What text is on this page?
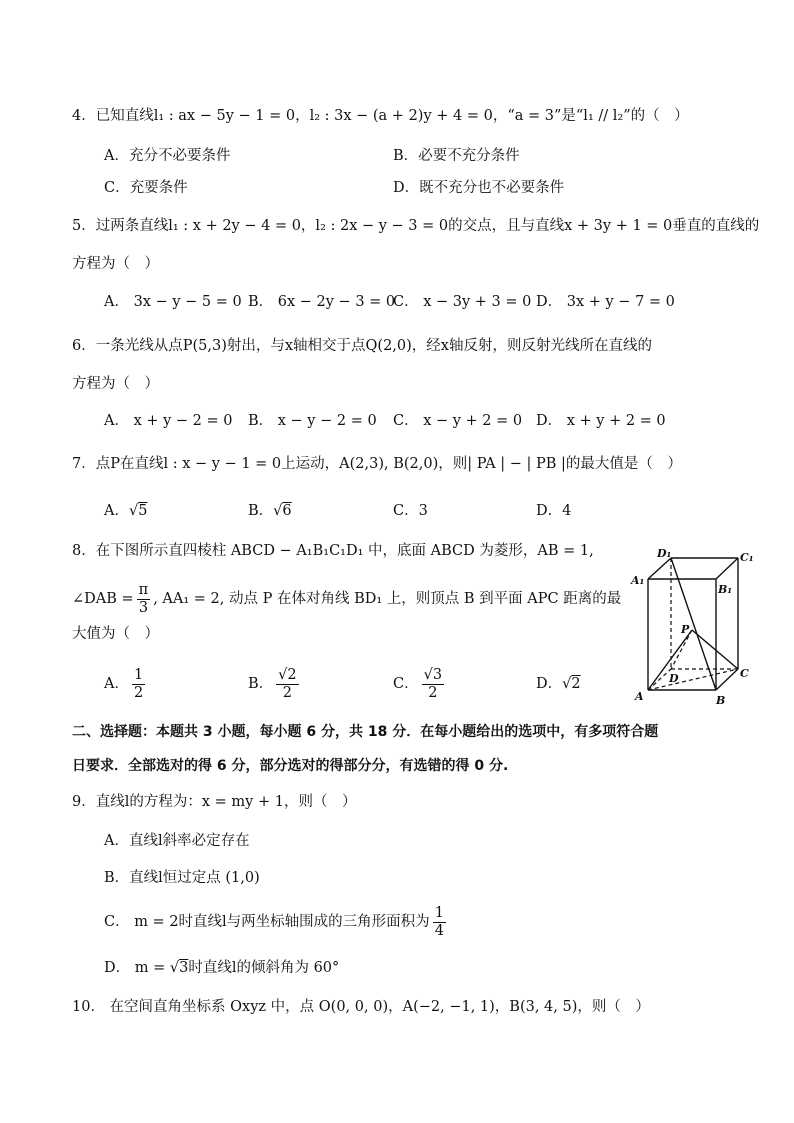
4．已知直线l₁ : ax − 5y − 1 = 0，l₂ : 3x − (a + 2)y + 4 = 0，“a = 3”是“l₁ // l₂”的（　）
A．充分不必要条件	B．必要不充分条件
C．充要条件	D．既不充分也不必要条件
5．过两条直线l₁ : x + 2y − 4 = 0，l₂ : 2x − y − 3 = 0的交点，且与直线x + 3y + 1 = 0垂直的直线的
方程为（　）
A． 3x − y − 5 = 0 B． 6x − 2y − 3 = 0
C． x − 3y + 3 = 0 D． 3x + y − 7 = 0
6．一条光线从点P(5,3)射出，与x轴相交于点Q(2,0)，经x轴反射，则反射光线所在直线的
方程为（　）
A． x + y − 2 = 0 B． x − y − 2 = 0 C． x − y + 2 = 0 D． x + y + 2 = 0
7．点P在直线l : x − y − 1 = 0上运动，A(2,3), B(2,0)，则| PA | − | PB |的最大值是（　）
A．√5	B．√6	C．3	D．4
8．在下图所示直四棱柱 ABCD − A₁B₁C₁D₁ 中，底面 ABCD 为菱形，AB = 1,
∠DAB = $\frac{\pi}{3}$ , AA₁ = 2, 动点 P 在体对角线 BD₁ 上，则顶点 B 到平面 APC 距离的最
大值为（　）
A． $\frac{1}{2}$	B． $\frac{√2}{2}$	C． $\frac{√3}{2}$	D．√2
D₁	C₁
A₁
B₁
P
D	C
A	B
二、选择题：本题共 3 小题，每小题 6 分，共 18 分．在每小题给出的选项中，有多项符合题
日要求．全部选对的得 6 分，部分选对的得部分分，有选错的得 0 分.
9．直线l的方程为：x = my + 1，则（　）
A．直线l斜率必定存在
B．直线l恒过定点 (1,0)
C． m = 2时直线l与两坐标轴围成的三角形面积为 $\frac{1}{4}$
D． m = √3时直线l的倾斜角为 60°
10． 在空间直角坐标系 Oxyz 中，点 O(0, 0, 0)，A(−2, −1, 1)，B(3, 4, 5)，则（　）
